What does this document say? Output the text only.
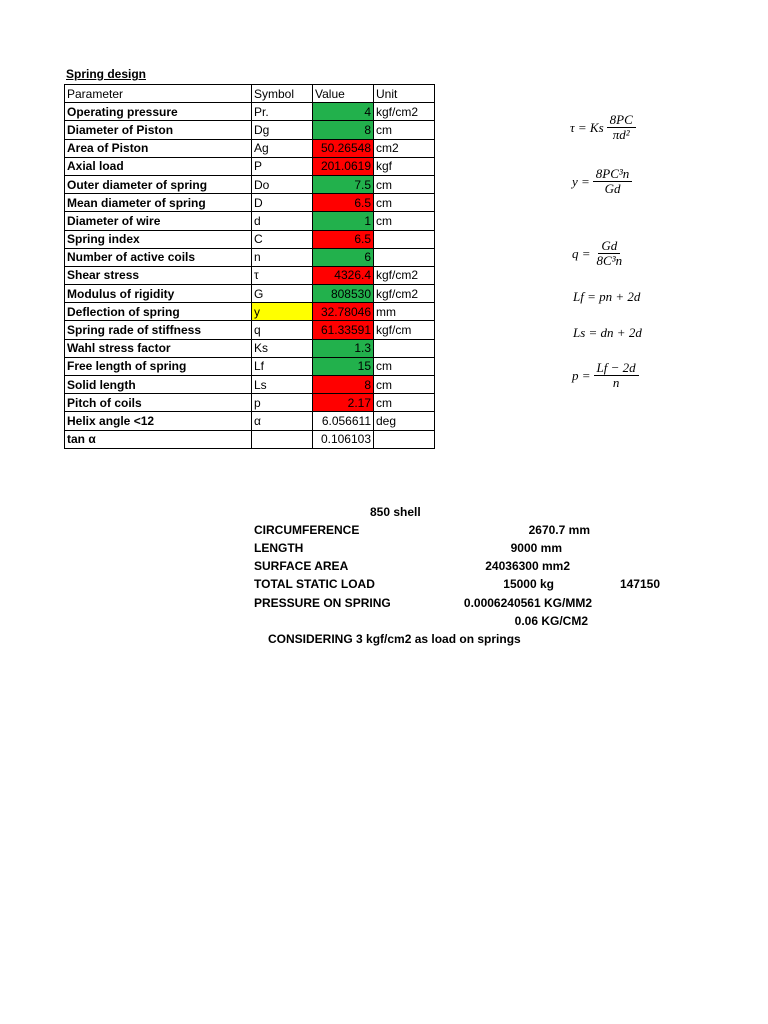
Spring design
Parameter	Symbol	Value	Unit
Operating pressure	Pr.	4	kgf/cm2
Diameter of Piston	Dg	8	cm
Area of Piston	Ag	50.26548	cm2
Axial load	P	201.0619	kgf
Outer diameter of spring	Do	7.5	cm
Mean diameter of spring	D	6.5	cm
Diameter of wire	d	1	cm
Spring index	C	6.5	
Number of active coils	n	6	
Shear stress	τ	4326.4	kgf/cm2
Modulus of rigidity	G	808530	kgf/cm2
Deflection of spring	y	32.78046	mm
Spring rade of stiffness	q	61.33591	kgf/cm
Wahl stress factor	Ks	1.3	
Free length of spring	Lf	15	cm
Solid length	Ls	8	cm
Pitch of coils	p	2.17	cm
Helix angle <12	α	6.056611	deg
tan α		0.106103	
τ = Ks $\frac{8PC}{\text{πd²}}$
$y = \frac{\text{8PC³n}}{Gd}$
$q = \frac{Gd}{\text{8C³n}}$
Lf = pn + 2d
Ls = dn + 2d
$p = \frac{Lf - 2d}{n}$
850 shell
CIRCUMFERENCE	2670.7 mm
LENGTH	9000 mm
SURFACE AREA	24036300 mm2
TOTAL STATIC LOAD	15000 kg	147150
PRESSURE ON SPRING	0.0006240561 KG/MM2
0.06 KG/CM2
CONSIDERING 3 kgf/cm2 as load on springs
